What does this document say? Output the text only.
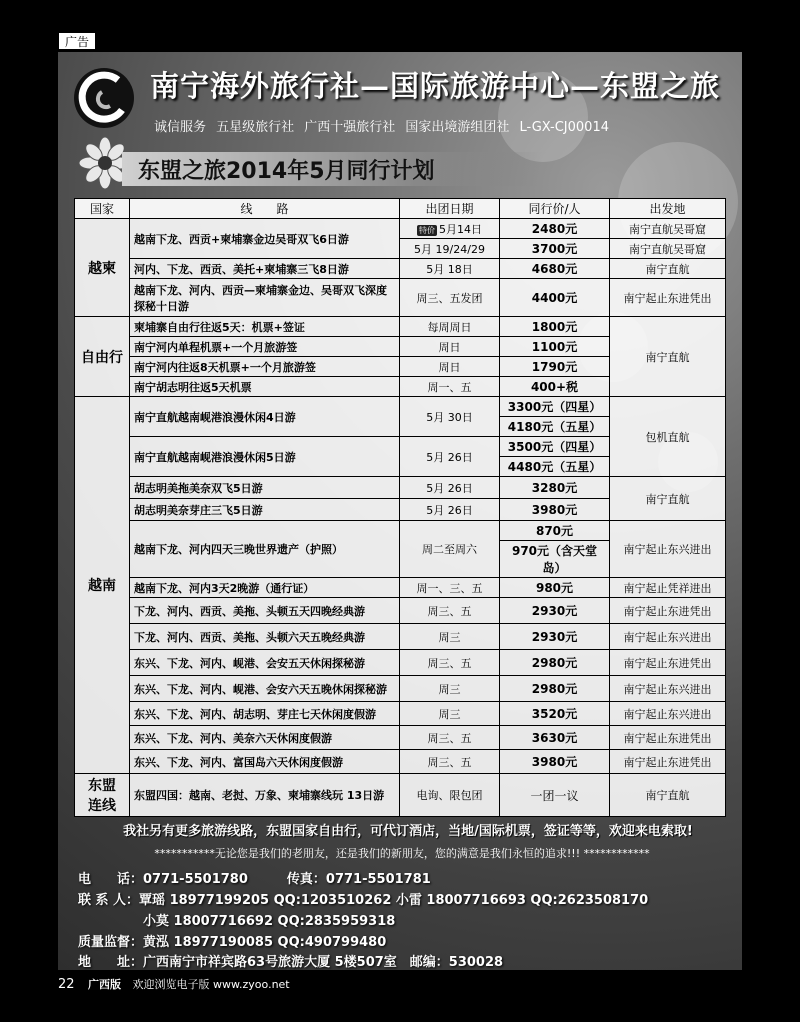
广告
南宁海外旅行社—国际旅游中心—东盟之旅
诚信服务 五星级旅行社 广西十强旅行社 国家出境游组团社 L-GX-CJ00014
东盟之旅2014年5月同行计划
国家	线　　路	出团日期	同行价/人	出发地
越柬	越南下龙、西贡+柬埔寨金边吴哥双飞6日游	特价 5月14日	2480元	南宁直航吴哥窟
		5月 19/24/29	3700元	南宁直航吴哥窟
	河内、下龙、西贡、美托+柬埔寨三飞8日游	5月 18日	4680元	南宁直航
	越南下龙、河内、西贡—柬埔寨金边、吴哥双飞深度探秘十日游	周三、五发团	4400元	南宁起止东进凭出

自由行	柬埔寨自由行往返5天：机票+签证	每周周日	1800元	南宁直航
	南宁河内单程机票+一个月旅游签	周日	1100元	
	南宁河内往返8天机票+一个月旅游签	周日	1790元	
	南宁胡志明往返5天机票	周一、五	400+税	
越南	南宁直航越南岘港浪漫休闲4日游	5月 30日	3300元（四星）	包机直航
			4180元（五星）	
	南宁直航越南岘港浪漫休闲5日游	5月 26日	3500元（四星）	
			4480元（五星）	
	胡志明美拖美奈双飞5日游	5月 26日	3280元	南宁直航
	胡志明美奈芽庄三飞5日游	5月 26日	3980元	
	越南下龙、河内四天三晚世界遗产（护照）	周二至周六	870元	南宁起止东兴进出
			970元（含天堂岛）	
	越南下龙、河内3天2晚游（通行证）	周一、三、五	980元	南宁起止凭祥进出
	下龙、河内、西贡、美拖、头顿五天四晚经典游	周三、五	2930元	南宁起止东进凭出
	下龙、河内、西贡、美拖、头顿六天五晚经典游	周三	2930元	南宁起止东兴进出
	东兴、下龙、河内、岘港、会安五天休闲探秘游	周三、五	2980元	南宁起止东进凭出
	东兴、下龙、河内、岘港、会安六天五晚休闲探秘游	周三	2980元	南宁起止东兴进出
	东兴、下龙、河内、胡志明、芽庄七天休闲度假游	周三	3520元	南宁起止东兴进出
	东兴、下龙、河内、美奈六天休闲度假游	周三、五	3630元	南宁起止东进凭出
	东兴、下龙、河内、富国岛六天休闲度假游	周三、五	3980元	南宁起止东进凭出

东盟
连线	东盟四国：越南、老挝、万象、柬埔寨线玩 13日游	电询、限包团	一团一议	南宁直航
我社另有更多旅游线路，东盟国家自由行，可代订酒店，当地/国际机票，签证等等，欢迎来电索取!
***********无论您是我们的老朋友，还是我们的新朋友，您的满意是我们永恒的追求!!! ************
电　　话：0771-5501780　　　传真：0771-5501781
联 系 人：覃瑶 18977199205 QQ:1203510262 小雷 18007716693 QQ:2623508170
　　　　　小莫 18007716692 QQ:2835959318
质量监督：黄泓 18977190085 QQ:490799480
地　　址：广西南宁市祥宾路63号旅游大厦 5楼507室　邮编：530028
22 广西版 欢迎浏览电子版 www.zyoo.net
